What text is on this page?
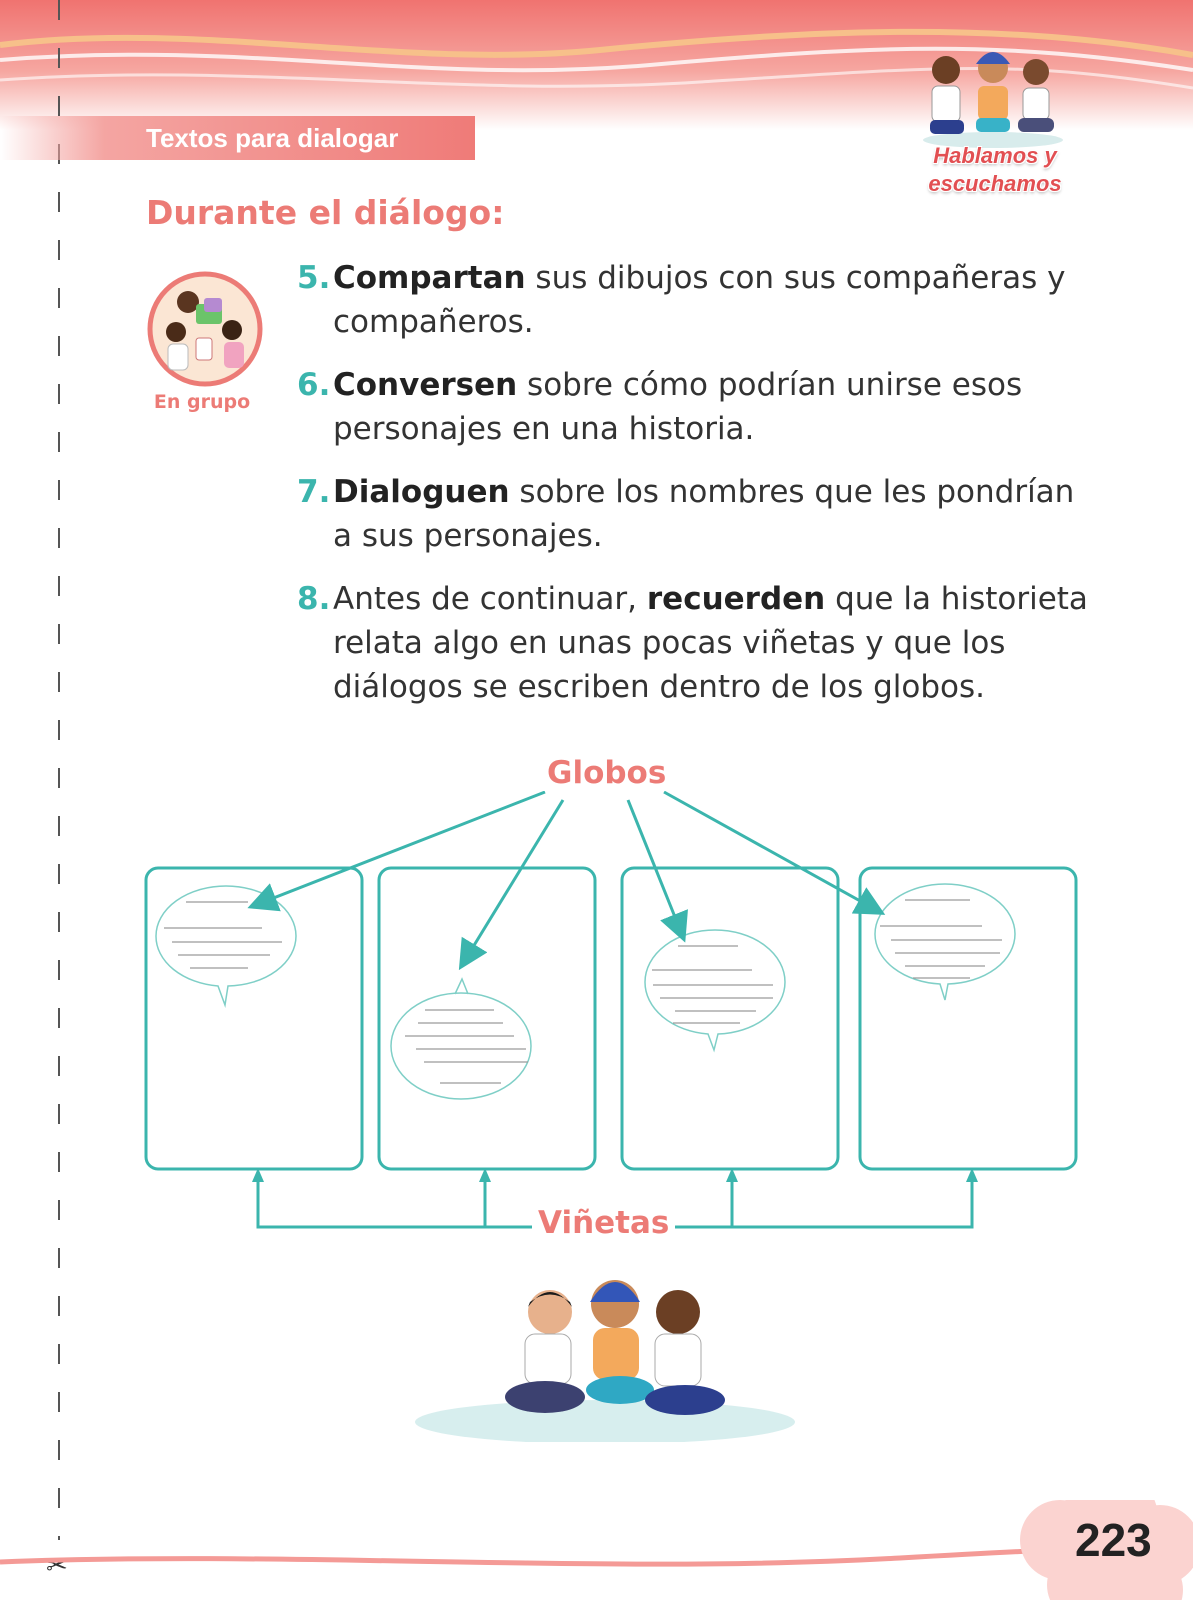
✂
Textos para dialogar
Hablamos y
escuchamos
Durante el diálogo:
En grupo
5. Compartan sus dibujos con sus compañeras y compañeros.
6. Conversen sobre cómo podrían unirse esos personajes en una historia.
7. Dialoguen sobre los nombres que les pondrían a sus personajes.
8. Antes de continuar, recuerden que la historieta relata algo en unas pocas viñetas y que los diálogos se escriben dentro de los globos.
Globos
Viñetas
223
